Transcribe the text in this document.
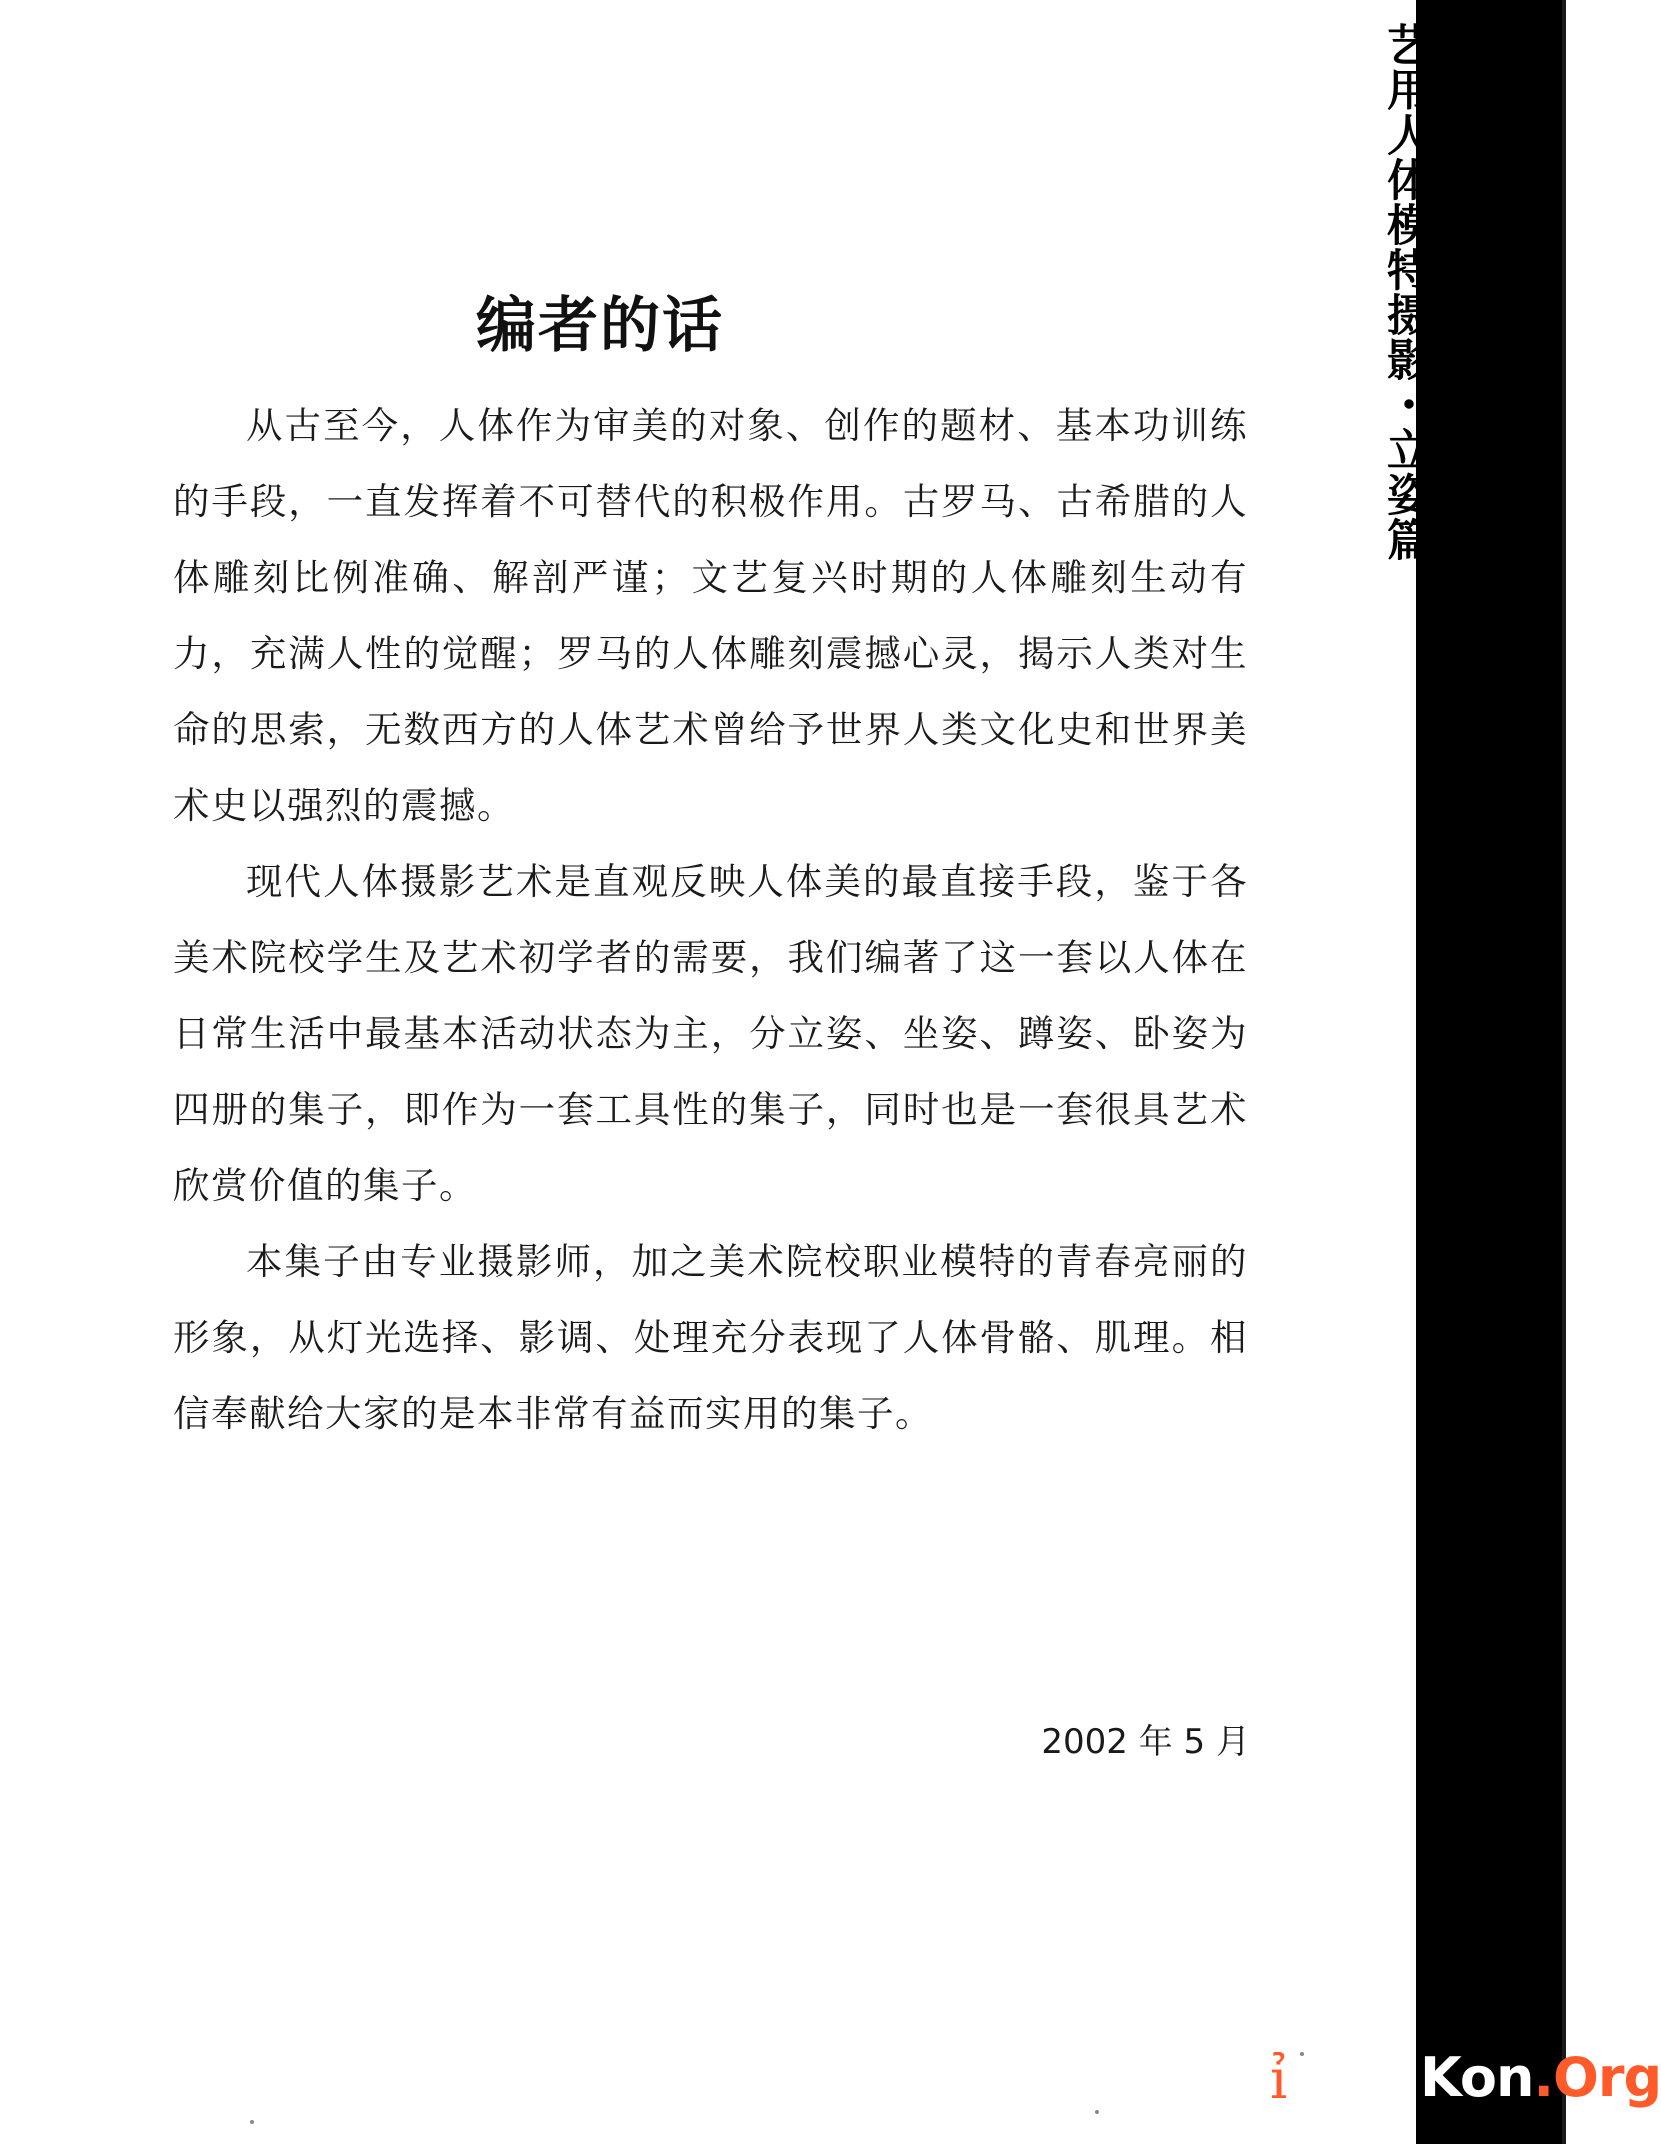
艺用人体模特摄影・立姿篇
编者的话

从古至今，人体作为审美的对象、创作的题材、基本功训练的手段，一直发挥着不可替代的积极作用。古罗马、古希腊的人体雕刻比例准确、解剖严谨；文艺复兴时期的人体雕刻生动有力，充满人性的觉醒；罗马的人体雕刻震撼心灵，揭示人类对生命的思索，无数西方的人体艺术曾给予世界人类文化史和世界美术史以强烈的震撼。

现代人体摄影艺术是直观反映人体美的最直接手段，鉴于各美术院校学生及艺术初学者的需要，我们编著了这一套以人体在日常生活中最基本活动状态为主，分立姿、坐姿、蹲姿、卧姿为四册的集子，即作为一套工具性的集子，同时也是一套很具艺术欣赏价值的集子。

本集子由专业摄影师，加之美术院校职业模特的青春亮丽的形象，从灯光选择、影调、处理充分表现了人体骨骼、肌理。相信奉献给大家的是本非常有益而实用的集子。

2002 年 5 月
ỉ Kon.Org
